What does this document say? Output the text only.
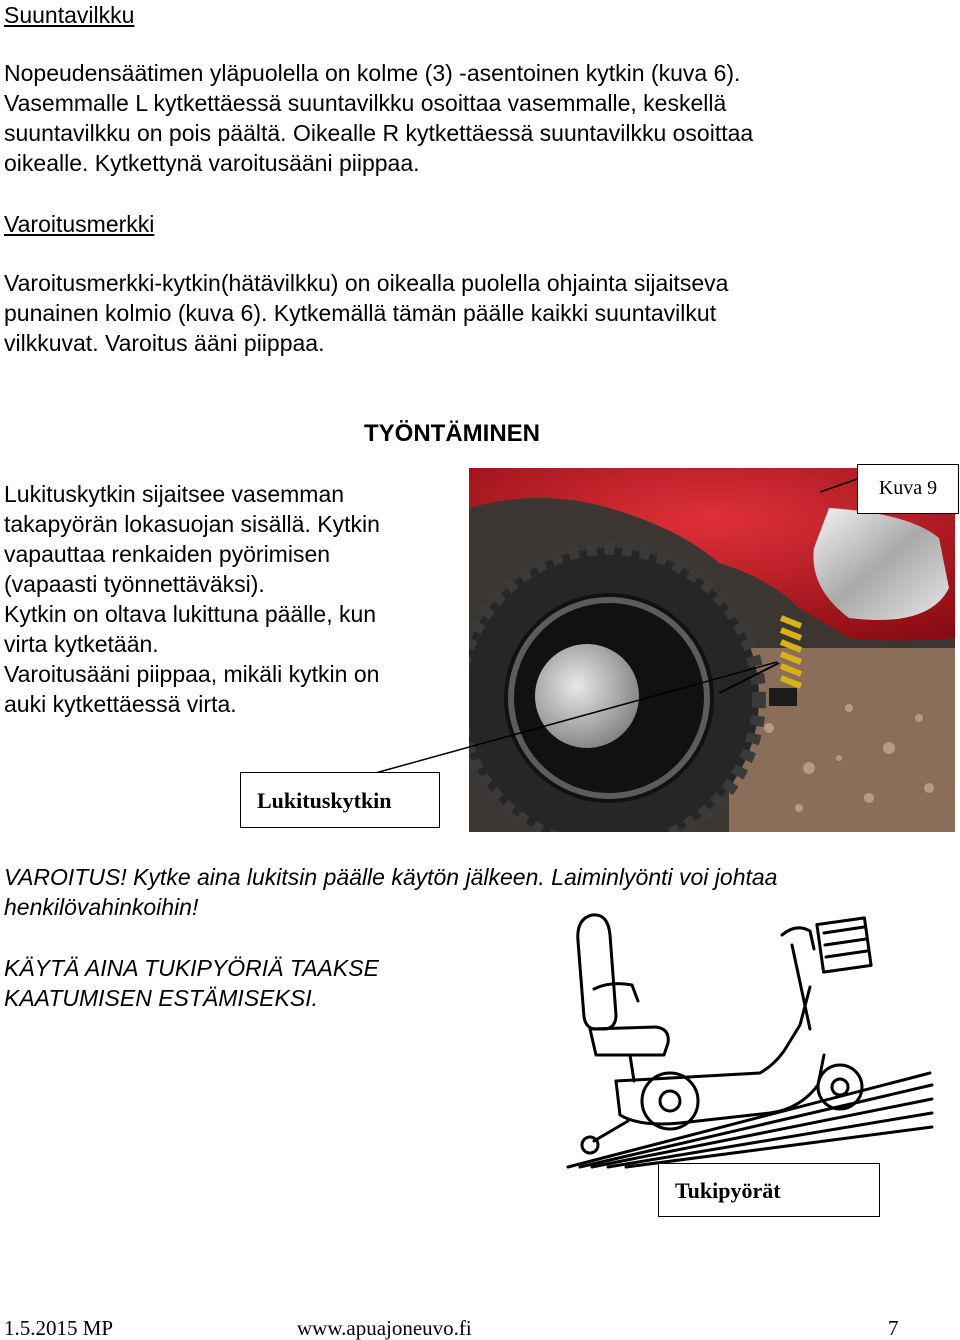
Suuntavilkku
Nopeudensäätimen yläpuolella on kolme (3) -asentoinen kytkin (kuva 6).
Vasemmalle L kytkettäessä suuntavilkku osoittaa vasemmalle, keskellä
suuntavilkku on pois päältä. Oikealle R kytkettäessä suuntavilkku osoittaa
oikealle. Kytkettynä varoitusääni piippaa.
Varoitusmerkki
Varoitusmerkki-kytkin(hätävilkku) on oikealla puolella ohjainta sijaitseva
punainen kolmio (kuva 6). Kytkemällä tämän päälle kaikki suuntavilkut
vilkkuvat. Varoitus ääni piippaa.
TYÖNTÄMINEN
Lukituskytkin sijaitsee vasemman
takapyörän lokasuojan sisällä. Kytkin
vapauttaa renkaiden pyörimisen
(vapaasti työnnettäväksi).
Kytkin on oltava lukittuna päälle, kun
virta kytketään.
Varoitusääni piippaa, mikäli kytkin on
auki kytkettäessä virta.
Kuva 9
Lukituskytkin
VAROITUS! Kytke aina lukitsin päälle käytön jälkeen. Laiminlyönti voi johtaa
henkilövahinkoihin!
KÄYTÄ AINA TUKIPYÖRIÄ TAAKSE
KAATUMISEN ESTÄMISEKSI.
Tukipyörät
1.5.2015 MP	www.apuajoneuvo.fi	7
